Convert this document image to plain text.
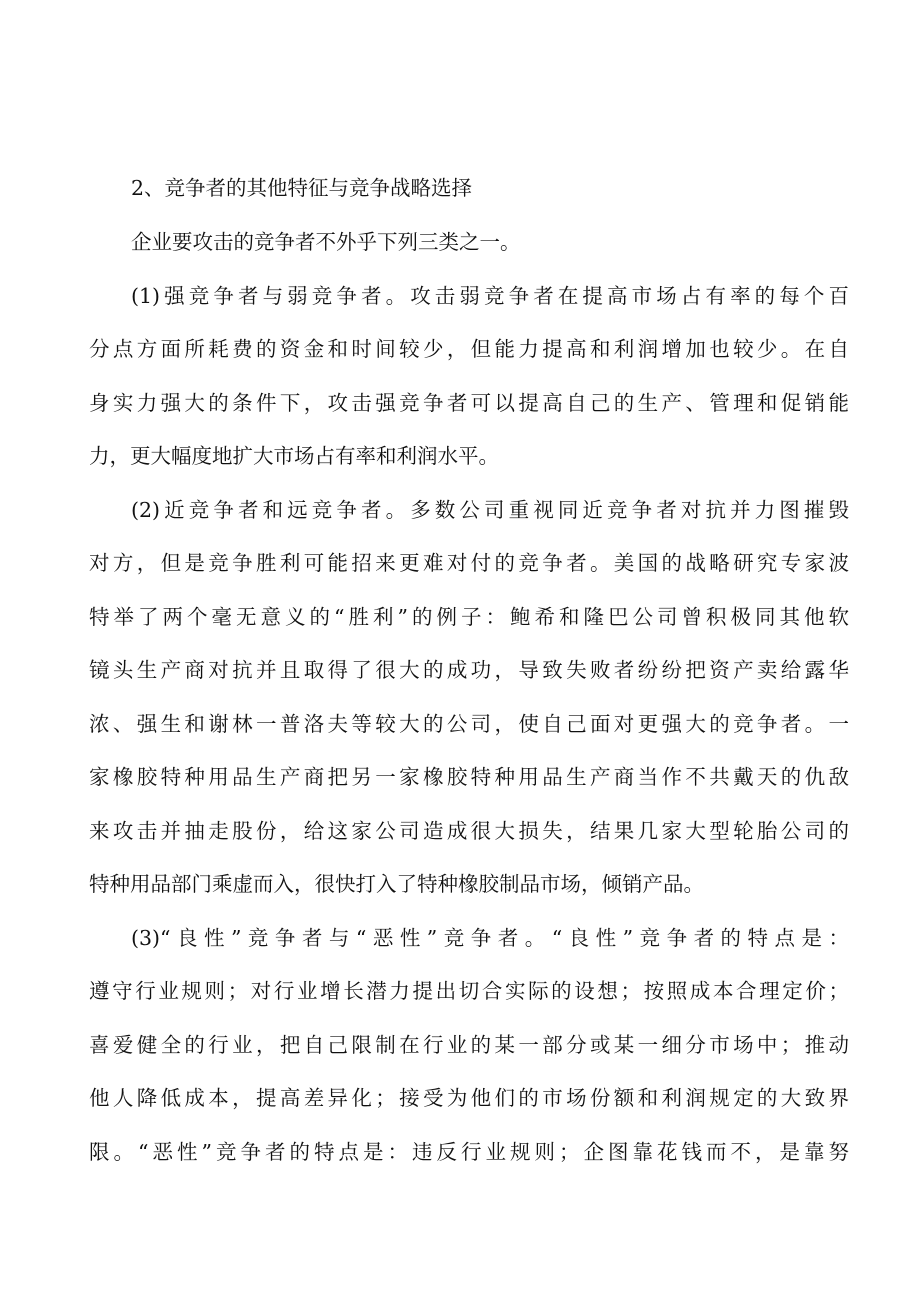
2、竞争者的其他特征与竞争战略选择
企业要攻击的竞争者不外乎下列三类之一。
(1)强竞争者与弱竞争者。攻击弱竞争者在提高市场占有率的每个百
分点方面所耗费的资金和时间较少，但能力提高和利润增加也较少。在自
身实力强大的条件下，攻击强竞争者可以提高自己的生产、管理和促销能
力，更大幅度地扩大市场占有率和利润水平。
(2)近竞争者和远竞争者。多数公司重视同近竞争者对抗并力图摧毁
对方，但是竞争胜利可能招来更难对付的竞争者。美国的战略研究专家波
特举了两个毫无意义的“胜利”的例子：鲍希和隆巴公司曾积极同其他软
镜头生产商对抗并且取得了很大的成功，导致失败者纷纷把资产卖给露华
浓、强生和谢林一普洛夫等较大的公司，使自己面对更强大的竞争者。一
家橡胶特种用品生产商把另一家橡胶特种用品生产商当作不共戴天的仇敌
来攻击并抽走股份，给这家公司造成很大损失，结果几家大型轮胎公司的
特种用品部门乘虚而入，很快打入了特种橡胶制品市场，倾销产品。
(3)“良性”竞争者与“恶性”竞争者。“良性”竞争者的特点是：
遵守行业规则；对行业增长潜力提出切合实际的设想；按照成本合理定价；
喜爱健全的行业，把自己限制在行业的某一部分或某一细分市场中；推动
他人降低成本，提高差异化；接受为他们的市场份额和利润规定的大致界
限。“恶性”竞争者的特点是：违反行业规则；企图靠花钱而不，是靠努
